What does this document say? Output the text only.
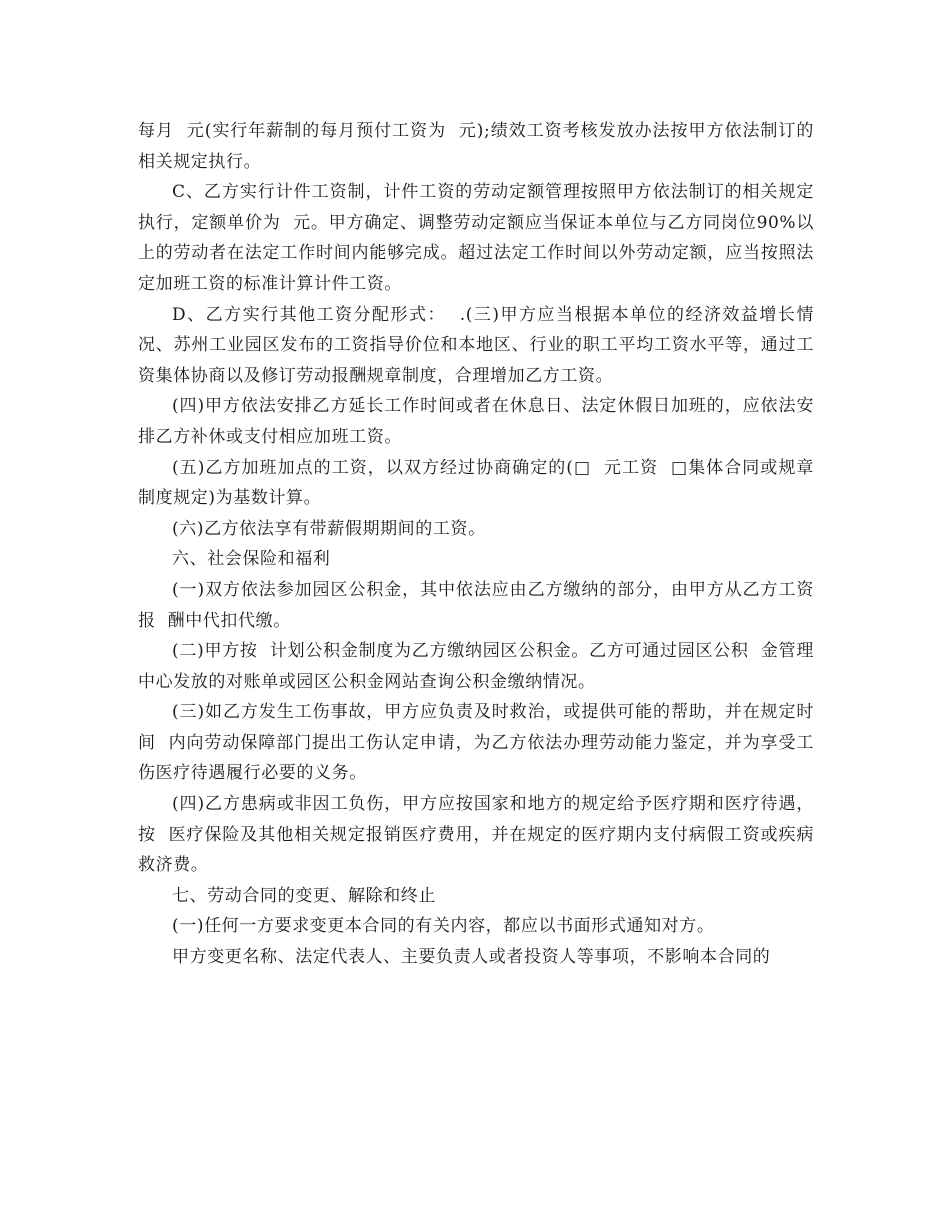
每月  元(实行年薪制的每月预付工资为  元);绩效工资考核发放办法按甲方依法制订的相关规定执行。

C、乙方实行计件工资制，计件工资的劳动定额管理按照甲方依法制订的相关规定执行，定额单价为  元。甲方确定、调整劳动定额应当保证本单位与乙方同岗位90%以上的劳动者在法定工作时间内能够完成。超过法定工作时间以外劳动定额，应当按照法定加班工资的标准计算计件工资。

D、乙方实行其他工资分配形式：  .(三)甲方应当根据本单位的经济效益增长情况、苏州工业园区发布的工资指导价位和本地区、行业的职工平均工资水平等，通过工资集体协商以及修订劳动报酬规章制度，合理增加乙方工资。

(四)甲方依法安排乙方延长工作时间或者在休息日、法定休假日加班的，应依法安排乙方补休或支付相应加班工资。

(五)乙方加班加点的工资，以双方经过协商确定的(□  元工资  □集体合同或规章制度规定)为基数计算。

(六)乙方依法享有带薪假期期间的工资。

六、社会保险和福利

(一)双方依法参加园区公积金，其中依法应由乙方缴纳的部分，由甲方从乙方工资报  酬中代扣代缴。

(二)甲方按  计划公积金制度为乙方缴纳园区公积金。乙方可通过园区公积  金管理中心发放的对账单或园区公积金网站查询公积金缴纳情况。

(三)如乙方发生工伤事故，甲方应负责及时救治，或提供可能的帮助，并在规定时间  内向劳动保障部门提出工伤认定申请，为乙方依法办理劳动能力鉴定，并为享受工伤医疗待遇履行必要的义务。

(四)乙方患病或非因工负伤，甲方应按国家和地方的规定给予医疗期和医疗待遇，按  医疗保险及其他相关规定报销医疗费用，并在规定的医疗期内支付病假工资或疾病救济费。

七、劳动合同的变更、解除和终止

(一)任何一方要求变更本合同的有关内容，都应以书面形式通知对方。

甲方变更名称、法定代表人、主要负责人或者投资人等事项，不影响本合同的
